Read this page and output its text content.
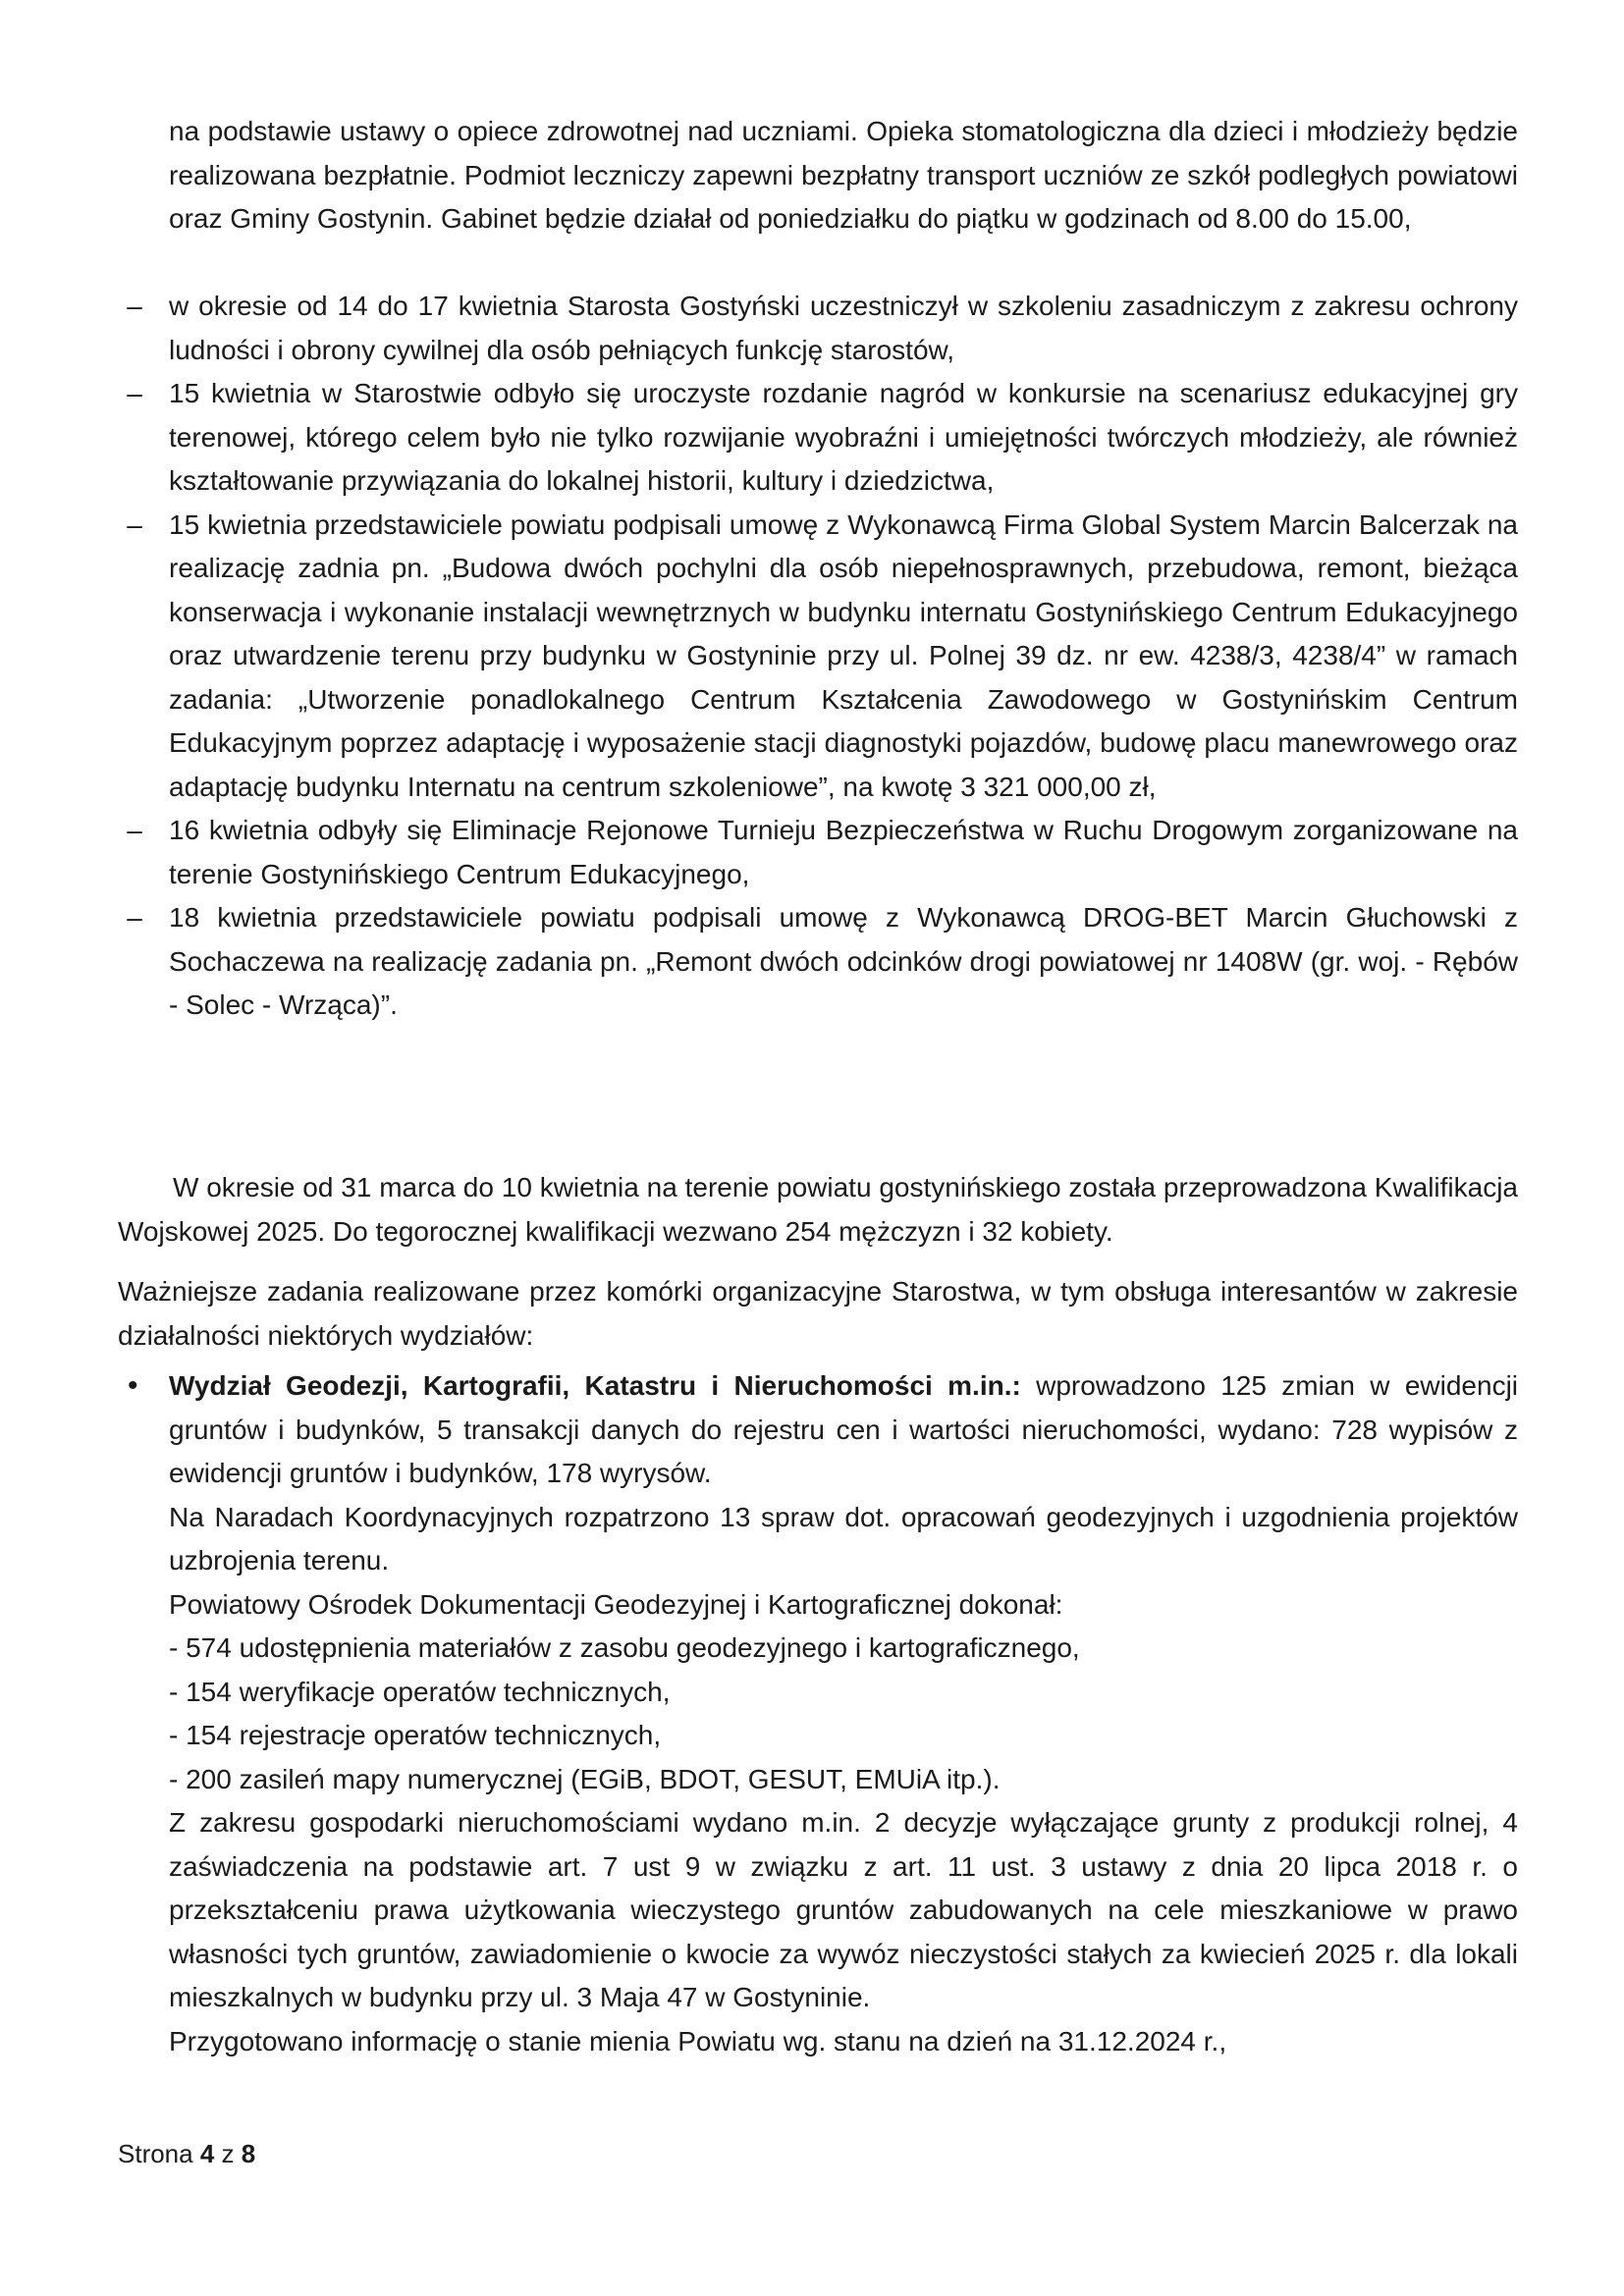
na podstawie ustawy o opiece zdrowotnej nad uczniami. Opieka stomatologiczna dla dzieci i młodzieży będzie realizowana bezpłatnie. Podmiot leczniczy zapewni bezpłatny transport uczniów ze szkół podległych powiatowi oraz Gminy Gostynin. Gabinet będzie działał od poniedziałku do piątku w godzinach od 8.00 do 15.00,

– w okresie od 14 do 17 kwietnia Starosta Gostyński uczestniczył w szkoleniu zasadniczym z zakresu ochrony ludności i obrony cywilnej dla osób pełniących funkcję starostów,
– 15 kwietnia w Starostwie odbyło się uroczyste rozdanie nagród w konkursie na scenariusz edukacyjnej gry terenowej, którego celem było nie tylko rozwijanie wyobraźni i umiejętności twórczych młodzieży, ale również kształtowanie przywiązania do lokalnej historii, kultury i dziedzictwa,
– 15 kwietnia przedstawiciele powiatu podpisali umowę z Wykonawcą Firma Global System Marcin Balcerzak na realizację zadnia pn. „Budowa dwóch pochylni dla osób niepełnosprawnych, przebudowa, remont, bieżąca konserwacja i wykonanie instalacji wewnętrznych w budynku internatu Gostynińskiego Centrum Edukacyjnego oraz utwardzenie terenu przy budynku w Gostyninie przy ul. Polnej 39 dz. nr ew. 4238/3, 4238/4” w ramach zadania: „Utworzenie ponadlokalnego Centrum Kształcenia Zawodowego w Gostynińskim Centrum Edukacyjnym poprzez adaptację i wyposażenie stacji diagnostyki pojazdów, budowę placu manewrowego oraz adaptację budynku Internatu na centrum szkoleniowe”, na kwotę 3 321 000,00 zł,
– 16 kwietnia odbyły się Eliminacje Rejonowe Turnieju Bezpieczeństwa w Ruchu Drogowym zorganizowane na terenie Gostynińskiego Centrum Edukacyjnego,
– 18 kwietnia przedstawiciele powiatu podpisali umowę z Wykonawcą DROG-BET Marcin Głuchowski z Sochaczewa na realizację zadania pn. „Remont dwóch odcinków drogi powiatowej nr 1408W (gr. woj. - Rębów - Solec - Wrząca)”.

W okresie od 31 marca do 10 kwietnia na terenie powiatu gostynińskiego została przeprowadzona Kwalifikacja Wojskowej 2025. Do tegorocznej kwalifikacji wezwano 254 mężczyzn i 32 kobiety.

Ważniejsze zadania realizowane przez komórki organizacyjne Starostwa, w tym obsługa interesantów w zakresie działalności niektórych wydziałów:

• Wydział Geodezji, Kartografii, Katastru i Nieruchomości m.in.: wprowadzono 125 zmian w ewidencji gruntów i budynków, 5 transakcji danych do rejestru cen i wartości nieruchomości, wydano: 728 wypisów z ewidencji gruntów i budynków, 178 wyrysów.

Na Naradach Koordynacyjnych rozpatrzono 13 spraw dot. opracowań geodezyjnych i uzgodnienia projektów uzbrojenia terenu.

Powiatowy Ośrodek Dokumentacji Geodezyjnej i Kartograficznej dokonał:

- 574 udostępnienia materiałów z zasobu geodezyjnego i kartograficznego,

- 154 weryfikacje operatów technicznych,

- 154 rejestracje operatów technicznych,

- 200 zasileń mapy numerycznej (EGiB, BDOT, GESUT, EMUiA itp.).

Z zakresu gospodarki nieruchomościami wydano m.in. 2 decyzje wyłączające grunty z produkcji rolnej, 4 zaświadczenia na podstawie art. 7 ust 9 w związku z art. 11 ust. 3 ustawy z dnia 20 lipca 2018 r. o przekształceniu prawa użytkowania wieczystego gruntów zabudowanych na cele mieszkaniowe w prawo własności tych gruntów, zawiadomienie o kwocie za wywóz nieczystości stałych za kwiecień 2025 r. dla lokali mieszkalnych w budynku przy ul. 3 Maja 47 w Gostyninie.

Przygotowano informację o stanie mienia Powiatu wg. stanu na dzień na 31.12.2024 r.,

Strona 4 z 8
